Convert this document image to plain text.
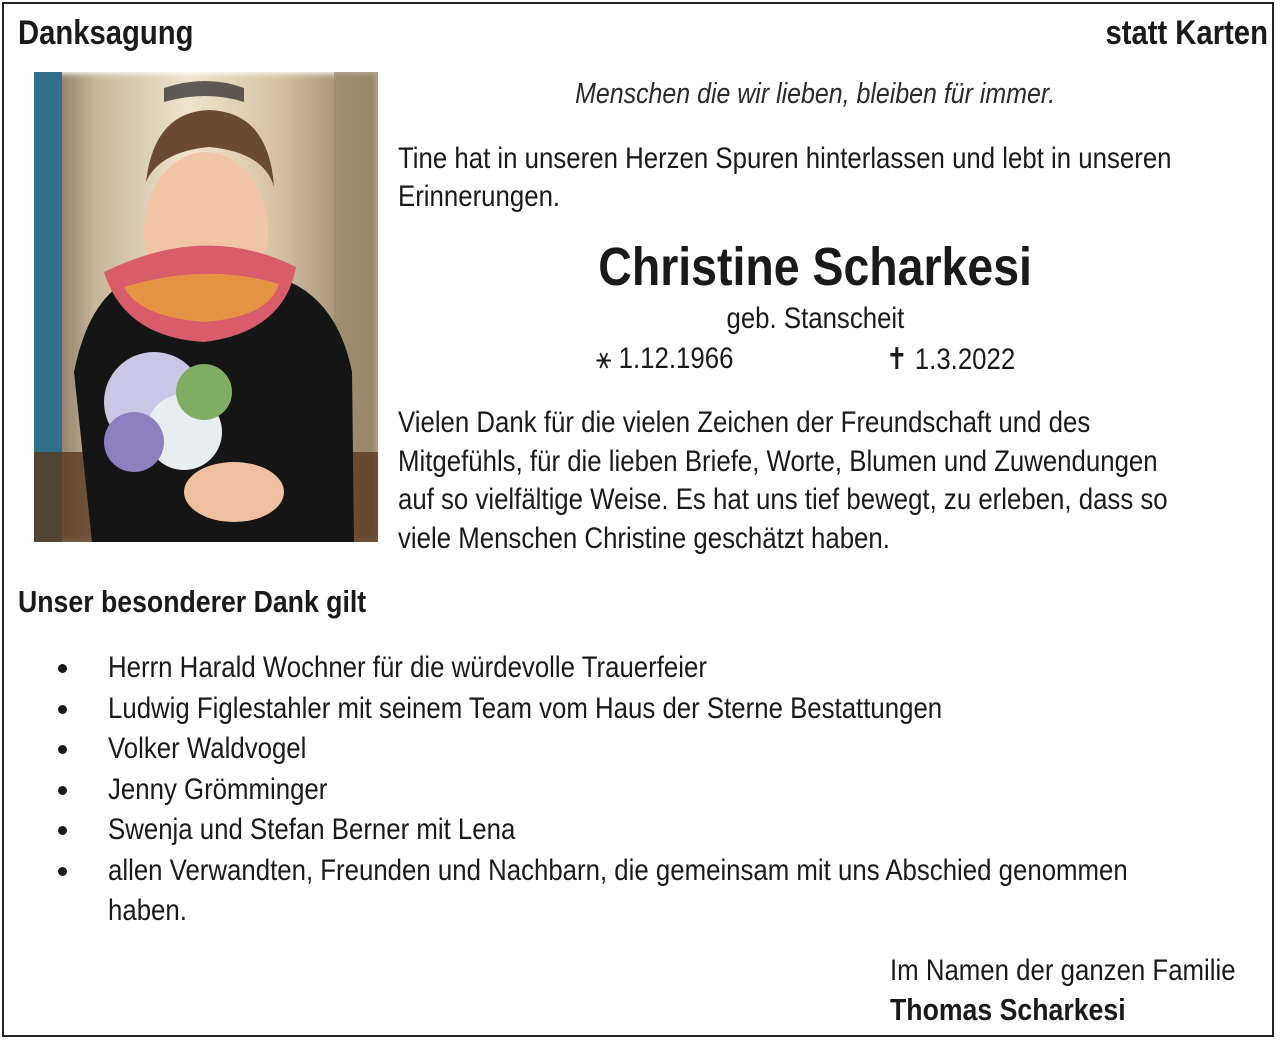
Danksagung	statt Karten
Menschen die wir lieben, bleiben für immer.
Tine hat in unseren Herzen Spuren hinterlassen und lebt in unseren
Erinnerungen.
Christine Scharkesi
geb. Stanscheit
⚹ 1.12.1966	✝ 1.3.2022
Vielen Dank für die vielen Zeichen der Freundschaft und des
Mitgefühls, für die lieben Briefe, Worte, Blumen und Zuwendungen
auf so vielfältige Weise. Es hat uns tief bewegt, zu erleben, dass so
viele Menschen Christine geschätzt haben.
Unser besonderer Dank gilt
Herrn Harald Wochner für die würdevolle Trauerfeier
Ludwig Figlestahler mit seinem Team vom Haus der Sterne Bestattungen
Volker Waldvogel
Jenny Grömminger
Swenja und Stefan Berner mit Lena
allen Verwandten, Freunden und Nachbarn, die gemeinsam mit uns Abschied genommen
haben.
Im Namen der ganzen Familie
Thomas Scharkesi
